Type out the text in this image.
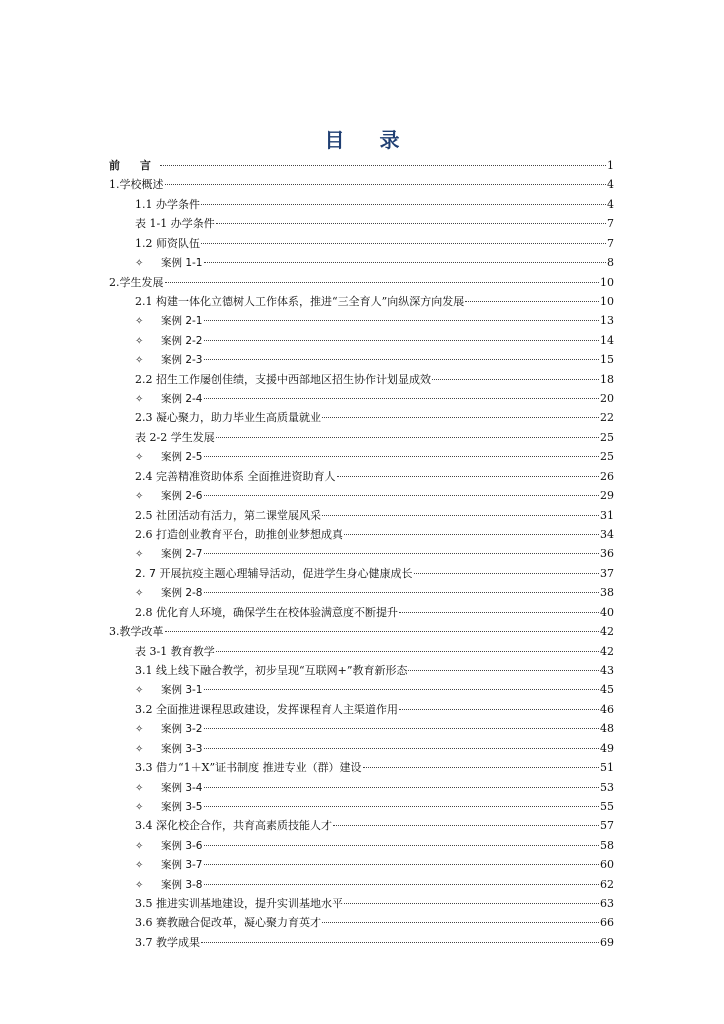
目 录
前 言	1
1.学校概述	4
1.1 办学条件	4
表 1-1 办学条件	7
1.2 师资队伍	7
✧	案例 1-1	8
2.学生发展	10
2.1 构建一体化立德树人工作体系，推进“三全育人”向纵深方向发展	10
✧	案例 2-1	13
✧	案例 2-2	14
✧	案例 2-3	15
2.2 招生工作屡创佳绩，支援中西部地区招生协作计划显成效	18
✧	案例 2-4	20
2.3 凝心聚力，助力毕业生高质量就业	22
表 2-2 学生发展	25
✧	案例 2-5	25
2.4 完善精准资助体系 全面推进资助育人	26
✧	案例 2-6	29
2.5 社团活动有活力，第二课堂展风采	31
2.6 打造创业教育平台，助推创业梦想成真	34
✧	案例 2-7	36
2. 7 开展抗疫主题心理辅导活动，促进学生身心健康成长	37
✧	案例 2-8	38
2.8 优化育人环境，确保学生在校体验满意度不断提升	40
3.教学改革	42
表 3-1 教育教学	42
3.1 线上线下融合教学，初步呈现“互联网+”教育新形态	43
✧	案例 3-1	45
3.2 全面推进课程思政建设，发挥课程育人主渠道作用	46
✧	案例 3-2	48
✧	案例 3-3	49
3.3 借力“1＋X”证书制度 推进专业（群）建设	51
✧	案例 3-4	53
✧	案例 3-5	55
3.4 深化校企合作，共育高素质技能人才	57
✧	案例 3-6	58
✧	案例 3-7	60
✧	案例 3-8	62
3.5 推进实训基地建设，提升实训基地水平	63
3.6 赛教融合促改革，凝心聚力育英才	66
3.7 教学成果	69
